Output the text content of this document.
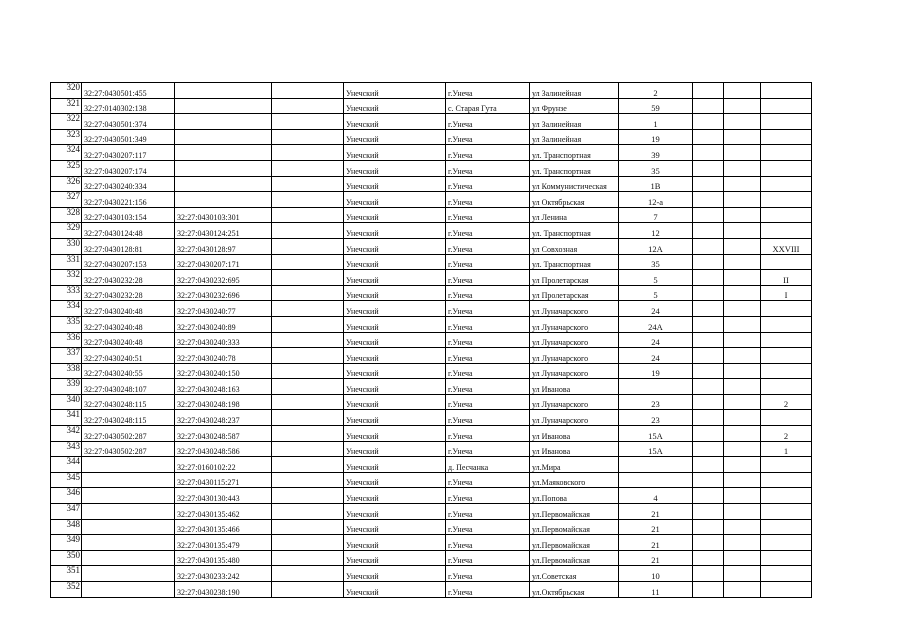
320	32:27:0430501:455			Унечский	г.Унеча	ул Залинейная	2			
321	32:27:0140302:138			Унечский	с. Старая Гута	ул Фрунзе	59			
322	32:27:0430501:374			Унечский	г.Унеча	ул Залинейная	1			
323	32:27:0430501:349			Унечский	г.Унеча	ул Залинейная	19			
324	32:27:0430207:117			Унечский	г.Унеча	ул. Транспортная	39			
325	32:27:0430207:174			Унечский	г.Унеча	ул. Транспортная	35			
326	32:27:0430240:334			Унечский	г.Унеча	ул Коммунистическая	1В			
327	32:27:0430221:156			Унечский	г.Унеча	ул Октябрьская	12-а			
328	32:27:0430103:154	32:27:0430103:301		Унечский	г.Унеча	ул Ленина	7			
329	32:27:0430124:48	32:27:0430124:251		Унечский	г.Унеча	ул. Транспортная	12			
330	32:27:0430128:81	32:27:0430128:97		Унечский	г.Унеча	ул Совхозная	12А			XXVIII
331	32:27:0430207:153	32:27:0430207:171		Унечский	г.Унеча	ул. Транспортная	35			
332	32:27:0430232:28	32:27:0430232:695		Унечский	г.Унеча	ул Пролетарская	5			II
333	32:27:0430232:28	32:27:0430232:696		Унечский	г.Унеча	ул Пролетарская	5			I
334	32:27:0430240:48	32:27:0430240:77		Унечский	г.Унеча	ул Луначарского	24			
335	32:27:0430240:48	32:27:0430240:89		Унечский	г.Унеча	ул Луначарского	24А			
336	32:27:0430240:48	32:27:0430240:333		Унечский	г.Унеча	ул Луначарского	24			
337	32:27:0430240:51	32:27:0430240:78		Унечский	г.Унеча	ул Луначарского	24			
338	32:27:0430240:55	32:27:0430240:150		Унечский	г.Унеча	ул Луначарского	19			
339	32:27:0430248:107	32:27:0430248:163		Унечский	г.Унеча	ул Иванова				
340	32:27:0430248:115	32:27:0430248:198		Унечский	г.Унеча	ул Луначарского	23			2
341	32:27:0430248:115	32:27:0430248:237		Унечский	г.Унеча	ул Луначарского	23			
342	32:27:0430502:287	32:27:0430248:587		Унечский	г.Унеча	ул Иванова	15А			2
343	32:27:0430502:287	32:27:0430248:586		Унечский	г.Унеча	ул Иванова	15А			1
344		32:27:0160102:22		Унечский	д. Песчанка	ул.Мира				
345		32:27:0430115:271		Унечский	г.Унеча	ул.Маяковского				
346		32:27:0430130:443		Унечский	г.Унеча	ул.Попова	4			
347		32:27:0430135:462		Унечский	г.Унеча	ул.Первомайская	21			
348		32:27:0430135:466		Унечский	г.Унеча	ул.Первомайская	21			
349		32:27:0430135:479		Унечский	г.Унеча	ул.Первомайская	21			
350		32:27:0430135:480		Унечский	г.Унеча	ул.Первомайская	21			
351		32:27:0430233:242		Унечский	г.Унеча	ул.Советская	10			
352		32:27:0430238:190		Унечский	г.Унеча	ул.Октябрьская	11			
